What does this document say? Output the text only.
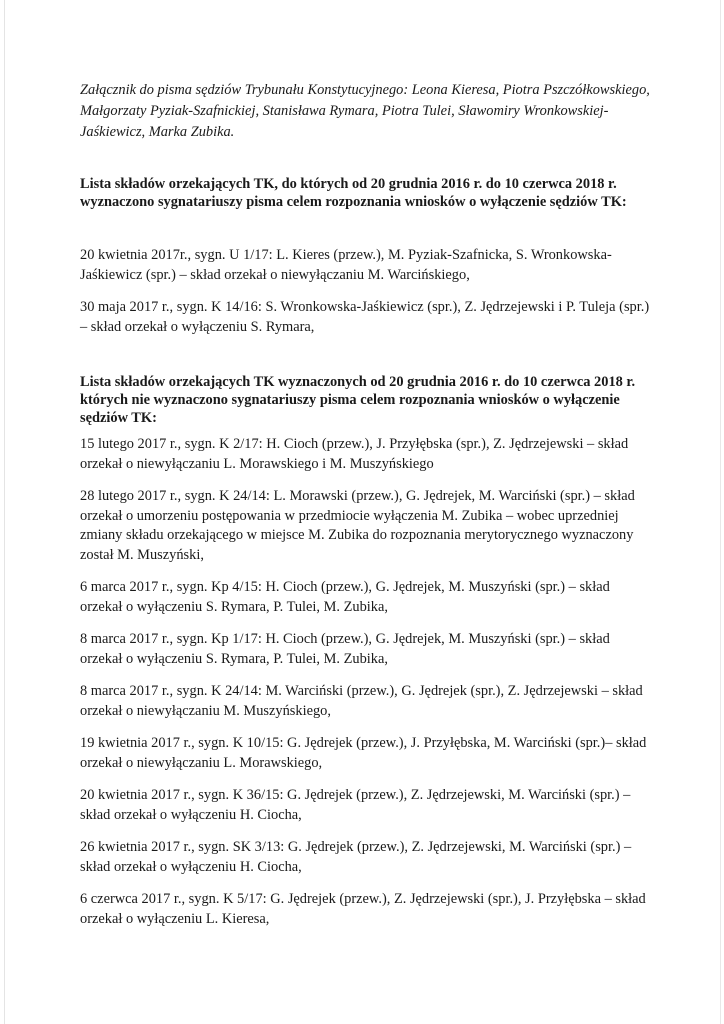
Załącznik do pisma sędziów Trybunału Konstytucyjnego: Leona Kieresa, Piotra Pszczółkowskiego, Małgorzaty Pyziak-Szafnickiej, Stanisława Rymara, Piotra Tulei, Sławomiry Wronkowskiej-Jaśkiewicz, Marka Zubika.

Lista składów orzekających TK, do których od 20 grudnia 2016 r. do 10 czerwca 2018 r. wyznaczono sygnatariuszy pisma celem rozpoznania wniosków o wyłączenie sędziów TK:

20 kwietnia 2017r., sygn. U 1/17: L. Kieres (przew.), M. Pyziak-Szafnicka, S. Wronkowska-Jaśkiewicz (spr.) – skład orzekał o niewyłączaniu M. Warcińskiego,

30 maja 2017 r., sygn. K 14/16: S. Wronkowska-Jaśkiewicz (spr.), Z. Jędrzejewski i P. Tuleja (spr.) – skład orzekał o wyłączeniu S. Rymara,

Lista składów orzekających TK wyznaczonych od 20 grudnia 2016 r. do 10 czerwca 2018 r. których nie wyznaczono sygnatariuszy pisma celem rozpoznania wniosków o wyłączenie sędziów TK:

15 lutego 2017 r., sygn. K 2/17: H. Cioch (przew.), J. Przyłębska (spr.), Z. Jędrzejewski – skład orzekał o niewyłączaniu L. Morawskiego i M. Muszyńskiego

28 lutego 2017 r., sygn. K 24/14: L. Morawski (przew.), G. Jędrejek, M. Warciński (spr.) – skład orzekał o umorzeniu postępowania w przedmiocie wyłączenia M. Zubika – wobec uprzedniej zmiany składu orzekającego w miejsce M. Zubika do rozpoznania merytorycznego wyznaczony został M. Muszyński,

6 marca 2017 r., sygn. Kp 4/15: H. Cioch (przew.), G. Jędrejek, M. Muszyński (spr.) – skład orzekał o wyłączeniu S. Rymara, P. Tulei, M. Zubika,

8 marca 2017 r., sygn. Kp 1/17: H. Cioch (przew.), G. Jędrejek, M. Muszyński (spr.) – skład orzekał o wyłączeniu S. Rymara, P. Tulei, M. Zubika,

8 marca 2017 r., sygn. K 24/14: M. Warciński (przew.), G. Jędrejek (spr.), Z. Jędrzejewski – skład orzekał o niewyłączaniu M. Muszyńskiego,

19 kwietnia 2017 r., sygn. K 10/15: G. Jędrejek (przew.), J. Przyłębska, M. Warciński (spr.)– skład orzekał o niewyłączaniu L. Morawskiego,

20 kwietnia 2017 r., sygn. K 36/15: G. Jędrejek (przew.), Z. Jędrzejewski, M. Warciński (spr.) – skład orzekał o wyłączeniu H. Ciocha,

26 kwietnia 2017 r., sygn. SK 3/13: G. Jędrejek (przew.), Z. Jędrzejewski, M. Warciński (spr.) – skład orzekał o wyłączeniu H. Ciocha,

6 czerwca 2017 r., sygn. K 5/17: G. Jędrejek (przew.), Z. Jędrzejewski (spr.), J. Przyłębska – skład orzekał o wyłączeniu L. Kieresa,
